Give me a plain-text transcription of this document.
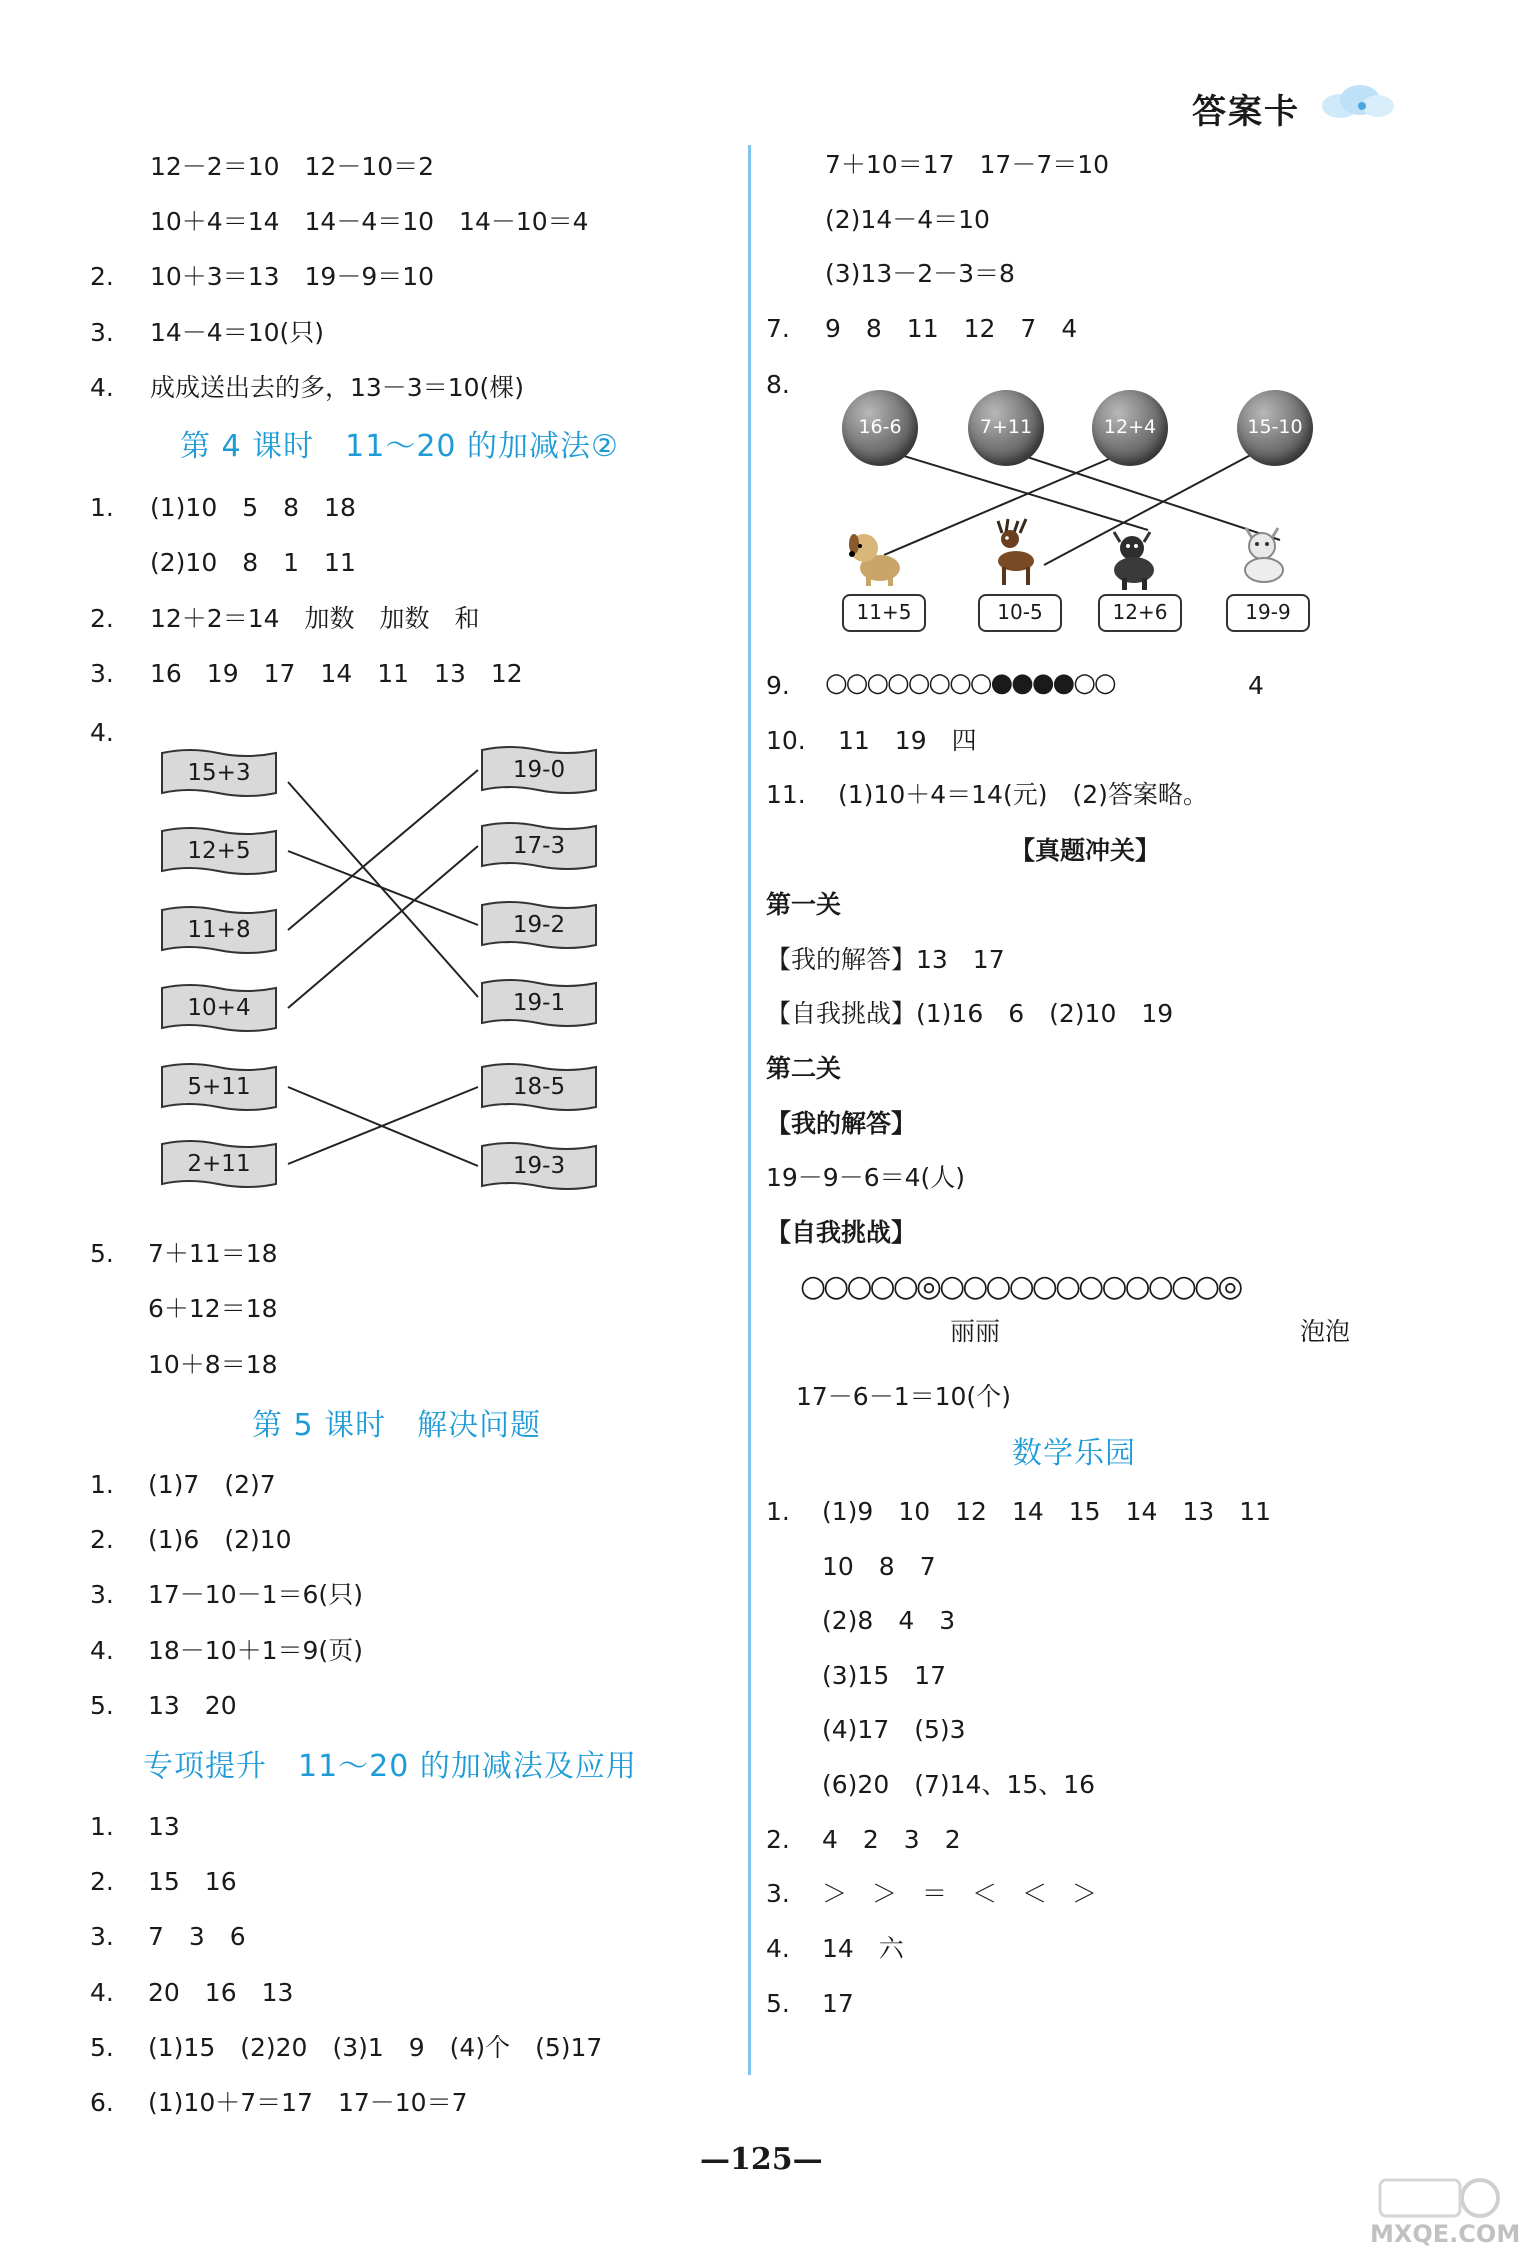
答案卡
12－2＝10　12－10＝2
10＋4＝14　14－4＝10　14－10＝4
2. 10＋3＝13　19－9＝10
3. 14－4＝10(只)
4. 成成送出去的多，13－3＝10(棵)
第 4 课时　11～20 的加减法②
1. (1)10　5　8　18
(2)10　8　1　11
2. 12＋2＝14　加数　加数　和
3. 16　19　17　14　11　13　12
4.
15+3
12+5
11+8
10+4
5+11
2+11
19-0
17-3
19-2
19-1
18-5
19-3
5. 7＋11＝18
6＋12＝18
10＋8＝18
第 5 课时　解决问题
1. (1)7　(2)7
2. (1)6　(2)10
3. 17－10－1＝6(只)
4. 18－10＋1＝9(页)
5. 13　20
专项提升　11～20 的加减法及应用
1. 13
2. 15　16
3. 7　3　6
4. 20　16　13
5. (1)15　(2)20　(3)1　9　(4)个　(5)17
6. (1)10＋7＝17　17－10＝7
7＋10＝17　17－7＝10
(2)14－4＝10
(3)13－2－3＝8
7. 9　8　11　12　7　4
8.
16-6	7+11	12+4	15-10
11+5	10-5	12+6	19-9
9. ○○○○○○○○●●●●○○	4
10. 11　19　四
11. (1)10＋4＝14(元)　(2)答案略。
【真题冲关】
第一关
【我的解答】13　17
【自我挑战】(1)16　6　(2)10　19
第二关
【我的解答】
19－9－6＝4(人)
【自我挑战】
○○○○○◎○○○○○○○○○○○○◎
丽丽	泡泡
17－6－1＝10(个)
数学乐园
1. (1)9　10　12　14　15　14　13　11
10　8　7
(2)8　4　3
(3)15　17
(4)17　(5)3
(6)20　(7)14、15、16
2. 4　2　3　2
3. ＞　＞　＝　＜　＜　＞
4. 14　六
5. 17
—125—
MXQE.COM
